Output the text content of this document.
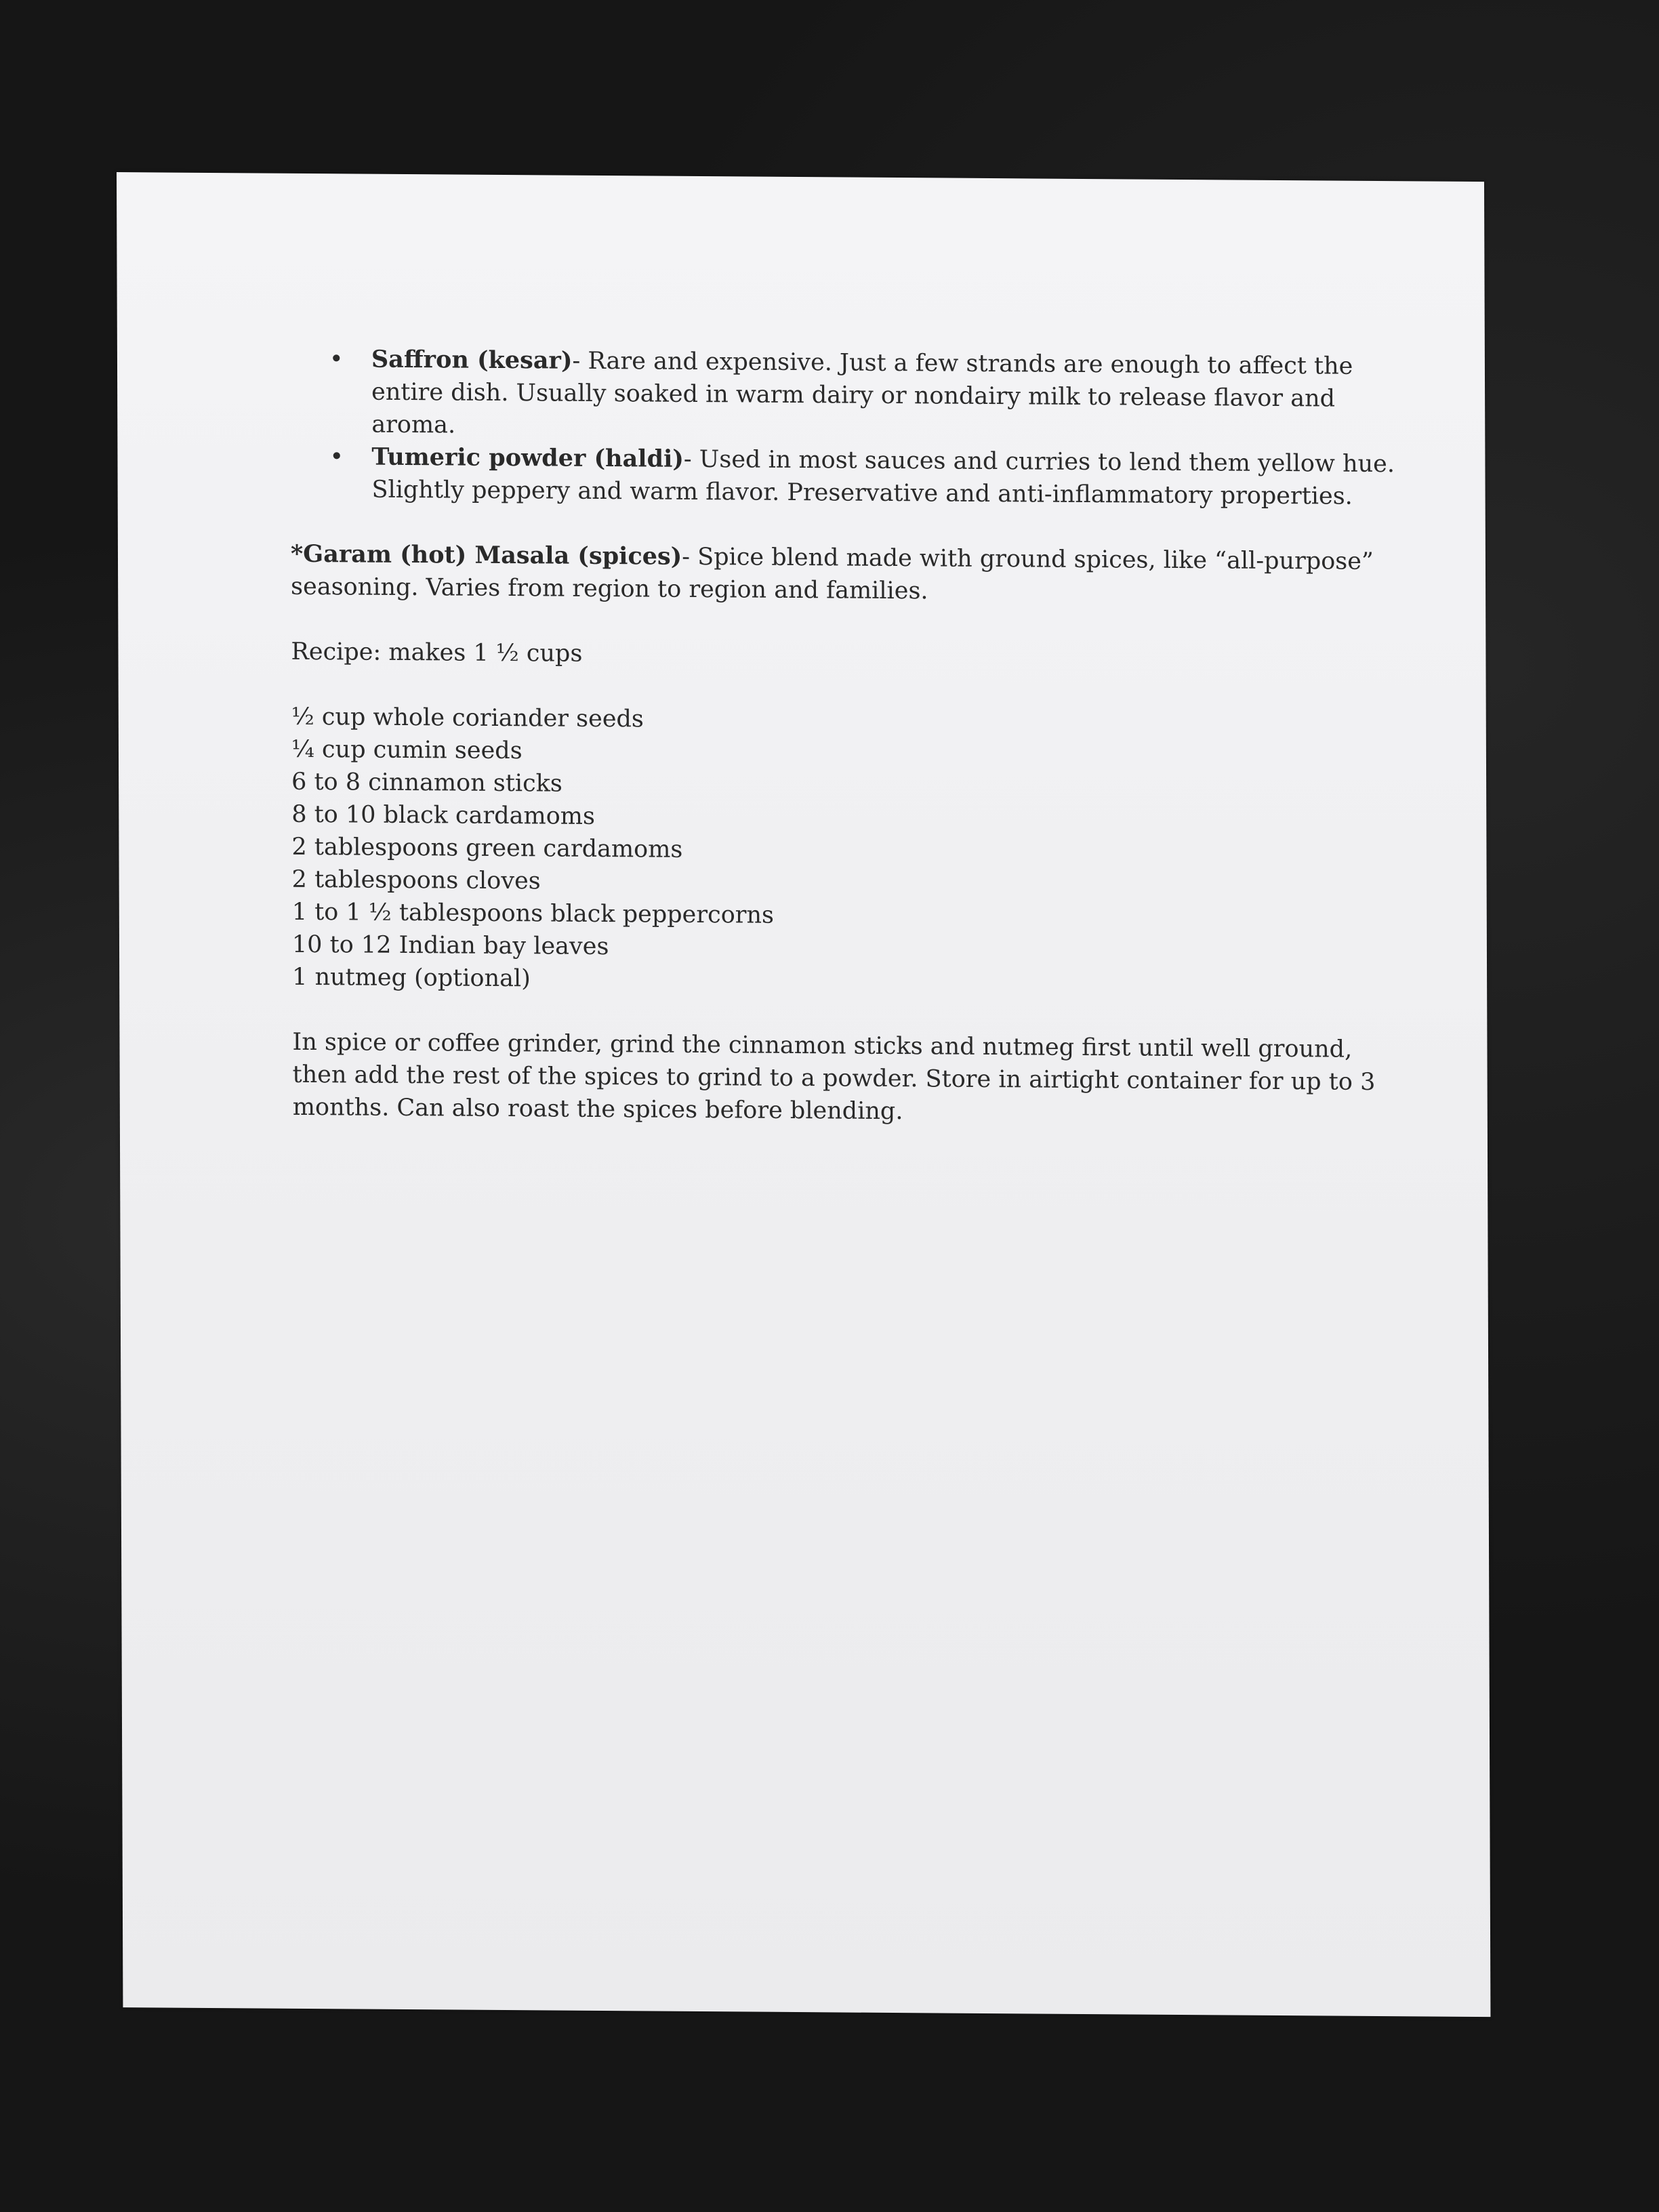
• Saffron (kesar)- Rare and expensive. Just a few strands are enough to affect the entire dish. Usually soaked in warm dairy or nondairy milk to release flavor and aroma.
• Tumeric powder (haldi)- Used in most sauces and curries to lend them yellow hue. Slightly peppery and warm flavor. Preservative and anti-inflammatory properties.

*Garam (hot) Masala (spices)- Spice blend made with ground spices, like “all-purpose” seasoning. Varies from region to region and families.

Recipe: makes 1 ½ cups

½ cup whole coriander seeds
¼ cup cumin seeds
6 to 8 cinnamon sticks
8 to 10 black cardamoms
2 tablespoons green cardamoms
2 tablespoons cloves
1 to 1 ½ tablespoons black peppercorns
10 to 12 Indian bay leaves
1 nutmeg (optional)

In spice or coffee grinder, grind the cinnamon sticks and nutmeg first until well ground, then add the rest of the spices to grind to a powder. Store in airtight container for up to 3 months. Can also roast the spices before blending.
